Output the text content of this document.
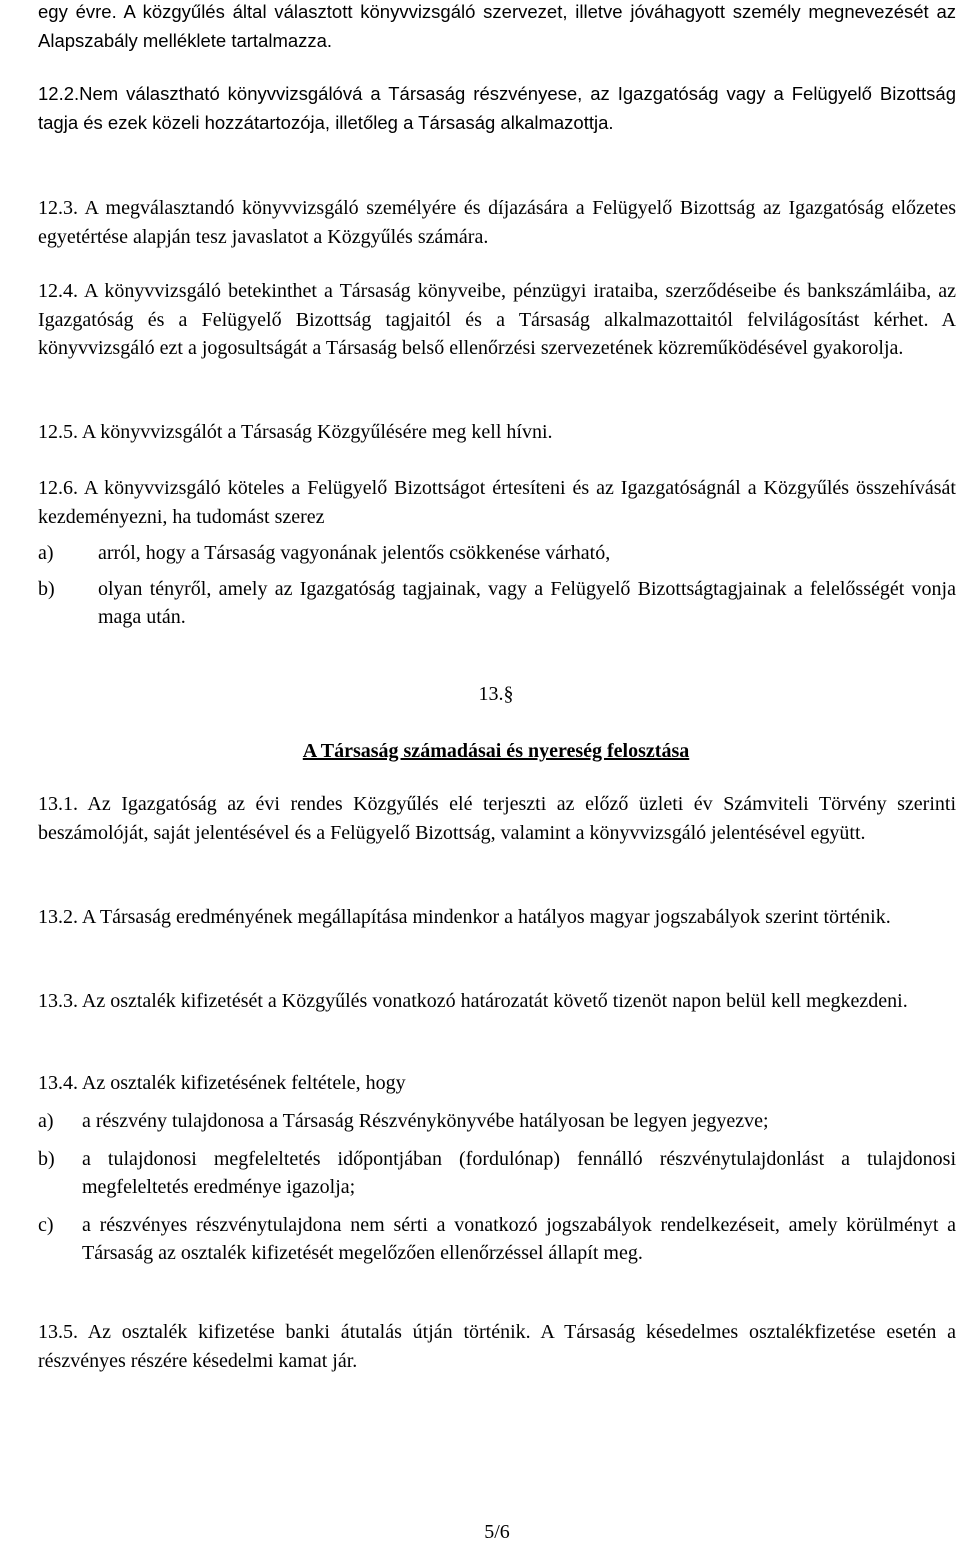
egy évre. A közgyűlés által választott könyvvizsgáló szervezet, illetve jóváhagyott személy megnevezését az Alapszabály melléklete tartalmazza.

12.2.Nem választható könyvvizsgálóvá a Társaság részvényese, az Igazgatóság vagy a Felügyelő Bizottság tagja és ezek közeli hozzátartozója, illetőleg a Társaság alkalmazottja.

12.3. A megválasztandó könyvvizsgáló személyére és díjazására a Felügyelő Bizottság az Igazgatóság előzetes egyetértése alapján tesz javaslatot a Közgyűlés számára.

12.4. A könyvvizsgáló betekinthet a Társaság könyveibe, pénzügyi irataiba, szerződéseibe és bankszámláiba, az Igazgatóság és a Felügyelő Bizottság tagjaitól és a Társaság alkalmazottaitól felvilágosítást kérhet. A könyvvizsgáló ezt a jogosultságát a Társaság belső ellenőrzési szervezetének közreműködésével gyakorolja.

12.5. A könyvvizsgálót a Társaság Közgyűlésére meg kell hívni.

12.6. A könyvvizsgáló köteles a Felügyelő Bizottságot értesíteni és az Igazgatóságnál a Közgyűlés összehívását kezdeményezni, ha tudomást szerez

a)	arról, hogy a Társaság vagyonának jelentős csökkenése várható,
b)	olyan tényről, amely az Igazgatóság tagjainak, vagy a Felügyelő Bizottságtagjainak a felelősségét vonja maga után.

13.§

A Társaság számadásai és nyereség felosztása

13.1. Az Igazgatóság az évi rendes Közgyűlés elé terjeszti az előző üzleti év Számviteli Törvény szerinti beszámolóját, saját jelentésével és a Felügyelő Bizottság, valamint a könyvvizsgáló jelentésével együtt.

13.2. A Társaság eredményének megállapítása mindenkor a hatályos magyar jogszabályok szerint történik.

13.3. Az osztalék kifizetését a Közgyűlés vonatkozó határozatát követő tizenöt napon belül kell megkezdeni.

13.4. Az osztalék kifizetésének feltétele, hogy

a)	a részvény tulajdonosa a Társaság Részvénykönyvébe hatályosan be legyen jegyezve;
b)	a tulajdonosi megfeleltetés időpontjában (fordulónap) fennálló részvénytulajdonlást a tulajdonosi megfeleltetés eredménye igazolja;
c)	a részvényes részvénytulajdona nem sérti a vonatkozó jogszabályok rendelkezéseit, amely körülményt a Társaság az osztalék kifizetését megelőzően ellenőrzéssel állapít meg.

13.5. Az osztalék kifizetése banki átutalás útján történik. A Társaság késedelmes osztalékfizetése esetén a részvényes részére késedelmi kamat jár.

5/6
